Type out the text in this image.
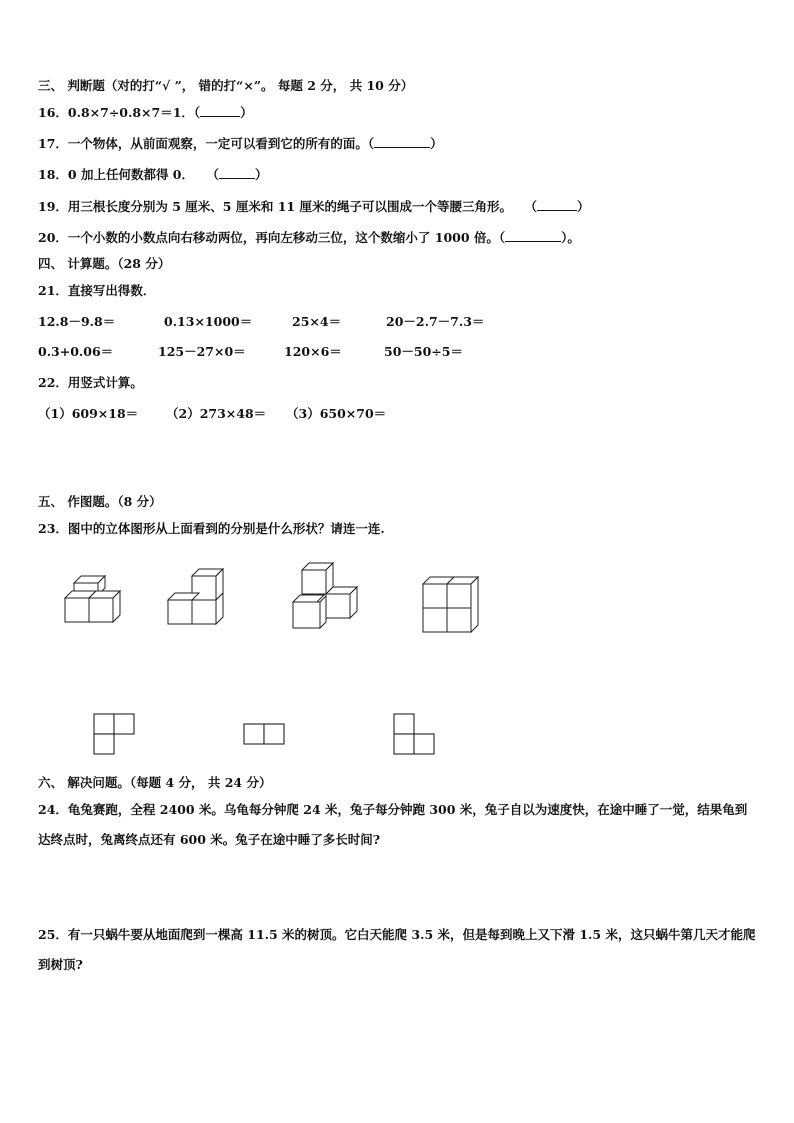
三、 判断题（对的打“√ ”， 错的打“×”。 每题 2 分， 共 10 分）
16．0.8×7÷0.8×7＝1．（	）
17．一个物体，从前面观察，一定可以看到它的所有的面。（	）
18．0 加上任何数都得 0．　　（	）
19．用三根长度分别为 5 厘米、5 厘米和 11 厘米的绳子可以围成一个等腰三角形。　　（	）
20．一个小数的小数点向右移动两位，再向左移动三位，这个数缩小了 1000 倍。（	）。
四、 计算题。（28 分）
21．直接写出得数．
12.8－9.8＝	0.13×1000＝	25×4＝	20－2.7－7.3＝
0.3+0.06＝	125－27×0＝	120×6＝	50－50÷5＝
22．用竖式计算。
（1）609×18＝ （2）273×48＝ （3）650×70＝
五、 作图题。（8 分）
23．图中的立体图形从上面看到的分别是什么形状？请连一连.
六、 解决问题。（每题 4 分， 共 24 分）
24．龟兔赛跑，全程 2400 米。乌龟每分钟爬 24 米，兔子每分钟跑 300 米，兔子自以为速度快，在途中睡了一觉，结果龟到达终点时，兔离终点还有 600 米。兔子在途中睡了多长时间?
25．有一只蜗牛要从地面爬到一棵高 11.5 米的树顶。它白天能爬 3.5 米，但是每到晚上又下滑 1.5 米，这只蜗牛第几天才能爬到树顶?
